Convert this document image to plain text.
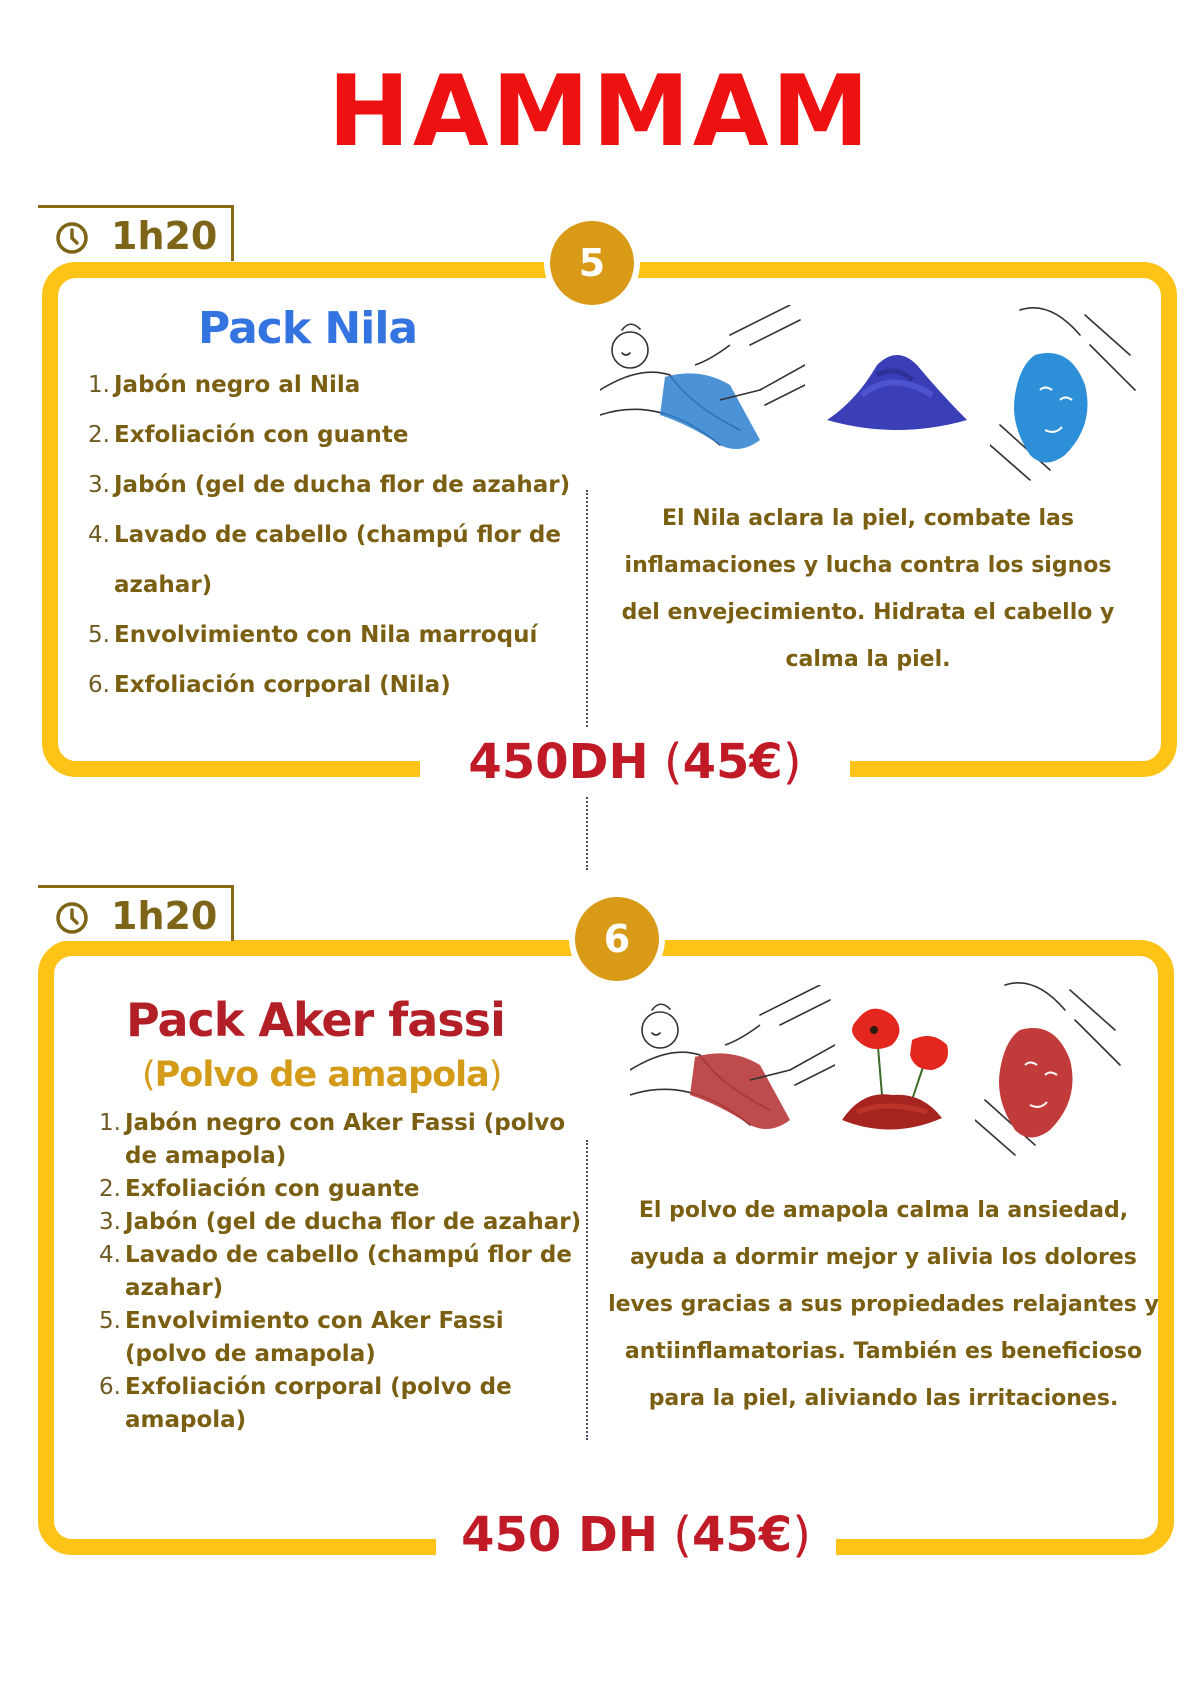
HAMMAM
1h20
5
Pack Nila
1. Jabón negro al Nila
2. Exfoliación con guante
3. Jabón (gel de ducha flor de azahar)
4. Lavado de cabello (champú flor de
azahar)
5. Envolvimiento con Nila marroquí
6. Exfoliación corporal (Nila)

El Nila aclara la piel, combate las inflamaciones y lucha contra los signos del envejecimiento. Hidrata el cabello y calma la piel.

450DH (45€)
1h20
6
Pack Aker fassi

(Polvo de amapola)

1. Jabón negro con Aker Fassi (polvo
de amapola)
2. Exfoliación con guante
3. Jabón (gel de ducha flor de azahar)
4. Lavado de cabello (champú flor de
azahar)
5. Envolvimiento con Aker Fassi
(polvo de amapola)
6. Exfoliación corporal (polvo de
amapola)

El polvo de amapola calma la ansiedad, ayuda a dormir mejor y alivia los dolores leves gracias a sus propiedades relajantes y antiinflamatorias. También es beneficioso para la piel, aliviando las irritaciones.

450 DH (45€)
